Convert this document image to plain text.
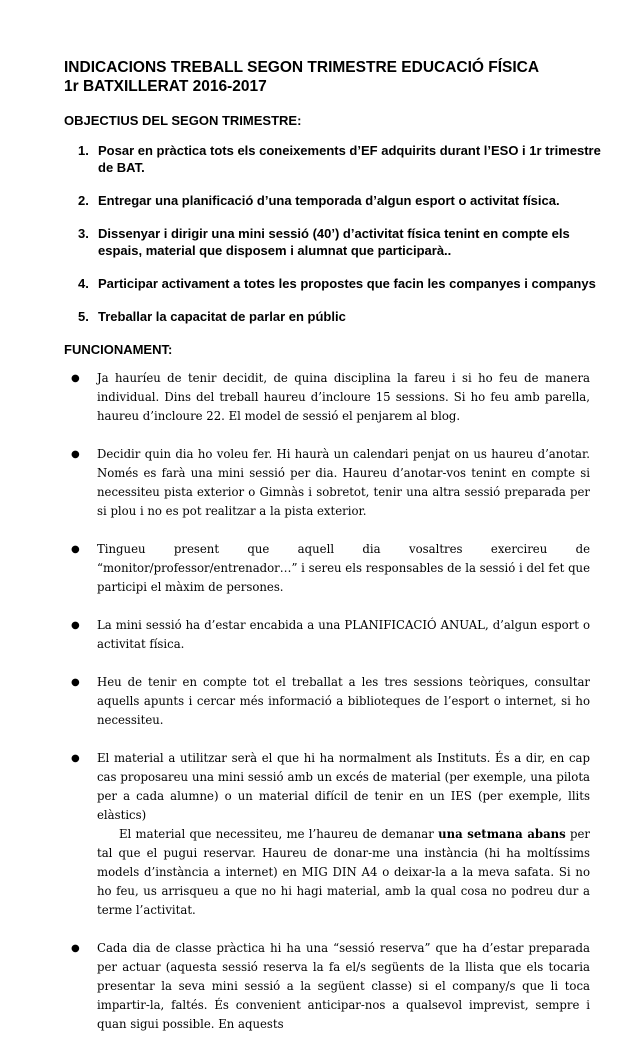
INDICACIONS TREBALL SEGON TRIMESTRE EDUCACIÓ FÍSICA
1r BATXILLERAT 2016-2017
OBJECTIUS DEL SEGON TRIMESTRE:
1. Posar en pràctica tots els coneixements d’EF adquirits durant l’ESO i 1r trimestre de BAT.
2. Entregar una planificació d’una temporada d’algun esport o activitat física.
3. Dissenyar i dirigir una mini sessió (40’) d’activitat física tenint en compte els espais, material que disposem i alumnat que participarà..
4. Participar activament a totes les propostes que facin les companyes i companys
5. Treballar la capacitat de parlar en públic
FUNCIONAMENT:
● Ja hauríeu de tenir decidit, de quina disciplina la fareu i si ho feu de manera individual. Dins del treball haureu d’incloure 15 sessions. Si ho feu amb parella, haureu d’incloure 22. El model de sessió el penjarem al blog.
● Decidir quin dia ho voleu fer. Hi haurà un calendari penjat on us haureu d’anotar. Només es farà una mini sessió per dia. Haureu d’anotar-vos tenint en compte si necessiteu pista exterior o Gimnàs i sobretot, tenir una altra sessió preparada per si plou i no es pot realitzar a la pista exterior.
● Tingueu present que aquell dia vosaltres exercireu de “monitor/professor/entrenador…” i sereu els responsables de la sessió i del fet que participi el màxim de persones.
● La mini sessió ha d’estar encabida a una PLANIFICACIÓ ANUAL, d’algun esport o activitat física.
● Heu de tenir en compte tot el treballat a les tres sessions teòriques, consultar aquells apunts i cercar més informació a biblioteques de l’esport o internet, si ho necessiteu.
● El material a utilitzar serà el que hi ha normalment als Instituts. És a dir, en cap cas proposareu una mini sessió amb un excés de material (per exemple, una pilota per a cada alumne) o un material difícil de tenir en un IES (per exemple, llits elàstics)
El material que necessiteu, me l’haureu de demanar una setmana abans per tal que el pugui reservar. Haureu de donar-me una instància (hi ha moltíssims models d’instància a internet) en MIG DIN A4 o deixar-la a la meva safata. Si no ho feu, us arrisqueu a que no hi hagi material, amb la qual cosa no podreu dur a terme l’activitat.
● Cada dia de classe pràctica hi ha una “sessió reserva” que ha d’estar preparada per actuar (aquesta sessió reserva la fa el/s següents de la llista que els tocaria presentar la seva mini sessió a la següent classe) si el company/s que li toca impartir-la, faltés. És convenient anticipar-nos a qualsevol imprevist, sempre i quan sigui possible. En aquests
